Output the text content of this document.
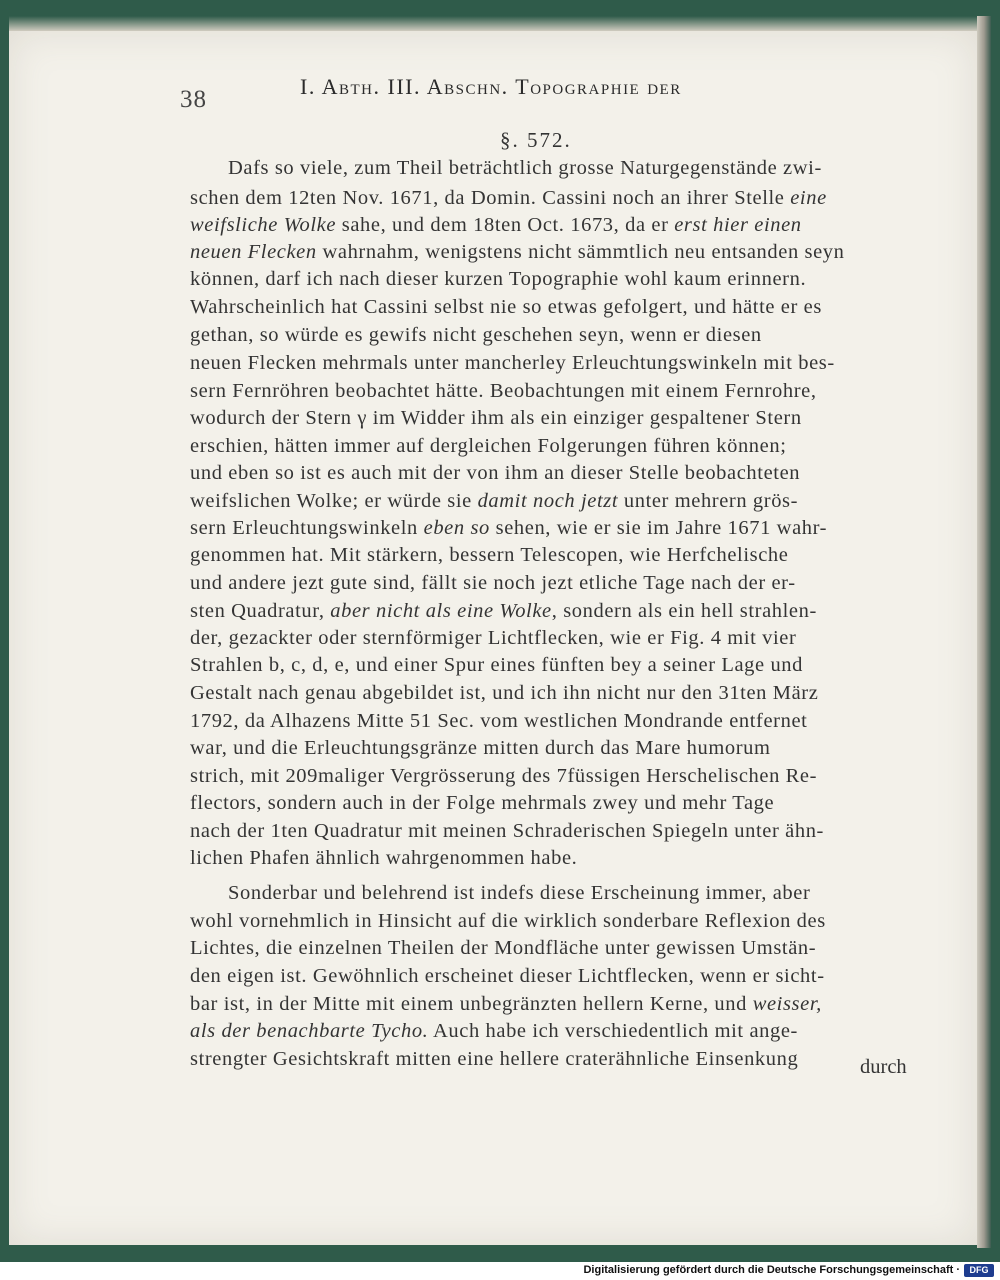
38	I. Abth. III. Abschn. Topographie der
§. 572.
Dafs so viele, zum Theil beträchtlich grosse Naturgegenstände zwi-
schen dem 12ten Nov. 1671, da Domin. Cassini noch an ihrer Stelle eine
weifsliche Wolke sahe, und dem 18ten Oct. 1673, da er erst hier einen
neuen Flecken wahrnahm, wenigstens nicht sämmtlich neu entsanden seyn
können, darf ich nach dieser kurzen Topographie wohl kaum erinnern.
Wahrscheinlich hat Cassini selbst nie so etwas gefolgert, und hätte er es
gethan, so würde es gewifs nicht geschehen seyn, wenn er diesen
neuen Flecken mehrmals unter mancherley Erleuchtungswinkeln mit bes-
sern Fernröhren beobachtet hätte. Beobachtungen mit einem Fernrohre,
wodurch der Stern γ im Widder ihm als ein einziger gespaltener Stern
erschien, hätten immer auf dergleichen Folgerungen führen können;
und eben so ist es auch mit der von ihm an dieser Stelle beobachteten
weifslichen Wolke; er würde sie damit noch jetzt unter mehrern grös-
sern Erleuchtungswinkeln eben so sehen, wie er sie im Jahre 1671 wahr-
genommen hat. Mit stärkern, bessern Telescopen, wie Herfchelische
und andere jezt gute sind, fällt sie noch jezt etliche Tage nach der er-
sten Quadratur, aber nicht als eine Wolke, sondern als ein hell strahlen-
der, gezackter oder sternförmiger Lichtflecken, wie er Fig. 4 mit vier
Strahlen b, c, d, e, und einer Spur eines fünften bey a seiner Lage und
Gestalt nach genau abgebildet ist, und ich ihn nicht nur den 31ten März
1792, da Alhazens Mitte 51 Sec. vom westlichen Mondrande entfernet
war, und die Erleuchtungsgränze mitten durch das Mare humorum
strich, mit 209maliger Vergrösserung des 7füssigen Herschelischen Re-
flectors, sondern auch in der Folge mehrmals zwey und mehr Tage
nach der 1ten Quadratur mit meinen Schraderischen Spiegeln unter ähn-
lichen Phafen ähnlich wahrgenommen habe.
Sonderbar und belehrend ist indefs diese Erscheinung immer, aber
wohl vornehmlich in Hinsicht auf die wirklich sonderbare Reflexion des
Lichtes, die einzelnen Theilen der Mondfläche unter gewissen Umstän-
den eigen ist. Gewöhnlich erscheinet dieser Lichtflecken, wenn er sicht-
bar ist, in der Mitte mit einem unbegränzten hellern Kerne, und weisser,
als der benachbarte Tycho. Auch habe ich verschiedentlich mit ange-
strengter Gesichtskraft mitten eine hellere craterähnliche Einsenkung	durch
Digitalisierung gefördert durch die Deutsche Forschungsgemeinschaft ·	DFG
